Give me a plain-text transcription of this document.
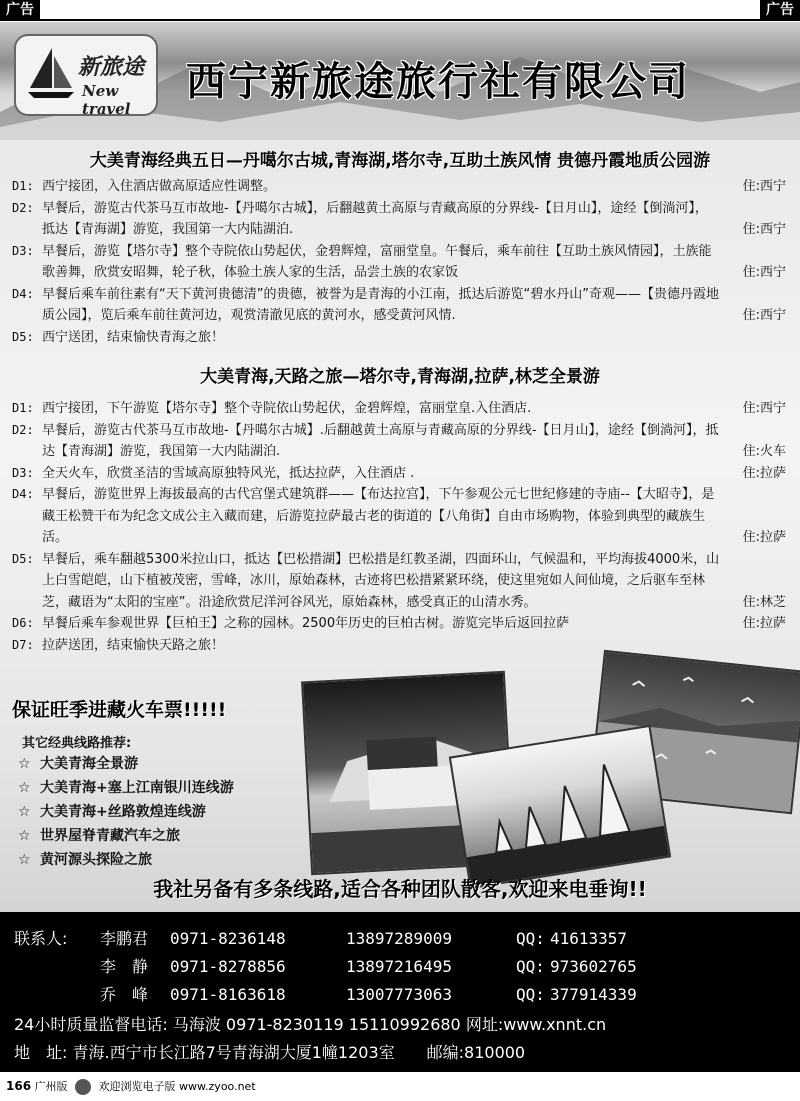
广告	广告
新旅途
New travel
西宁新旅途旅行社有限公司
大美青海经典五日—丹噶尔古城,青海湖,塔尔寺,互助土族风情 贵德丹霞地质公园游
D1: 西宁接团，入住酒店做高原适应性调整。	住:西宁
D2: 早餐后，游览古代茶马互市故地-【丹噶尔古城】，后翻越黄土高原与青藏高原的分界线-【日月山】，途经【倒淌河】，抵达【青海湖】游览，我国第一大内陆湖泊.	住:西宁
D3: 早餐后，游览【塔尔寺】整个寺院依山势起伏，金碧辉煌，富丽堂皇。午餐后，乘车前往【互助土族风情园】，土族能歌善舞，欣赏安昭舞，轮子秋，体验土族人家的生活，品尝土族的农家饭	住:西宁
D4: 早餐后乘车前往素有“天下黄河贵德清”的贵德，被誉为是青海的小江南，抵达后游览“碧水丹山”奇观——【贵德丹霞地质公园】，览后乘车前往黄河边，观赏清澈见底的黄河水，感受黄河风情.	住:西宁
D5: 西宁送团，结束愉快青海之旅！
大美青海,天路之旅—塔尔寺,青海湖,拉萨,林芝全景游
D1: 西宁接团，下午游览【塔尔寺】整个寺院依山势起伏，金碧辉煌，富丽堂皇.入住酒店.	住:西宁
D2: 早餐后，游览古代茶马互市故地-【丹噶尔古城】.后翻越黄土高原与青藏高原的分界线-【日月山】，途经【倒淌河】，抵达【青海湖】游览，我国第一大内陆湖泊.	住:火车
D3: 全天火车，欣赏圣洁的雪域高原独特风光，抵达拉萨，入住酒店 .	住:拉萨
D4: 早餐后，游览世界上海拔最高的古代宫堡式建筑群——【布达拉宫】，下午参观公元七世纪修建的寺庙--【大昭寺】，是藏王松赞干布为纪念文成公主入藏而建，后游览拉萨最古老的街道的【八角街】自由市场购物，体验到典型的藏族生活。	住:拉萨
D5: 早餐后，乘车翻越5300米拉山口，抵达【巴松措湖】巴松措是红教圣湖，四面环山，气候温和，平均海拔4000米，山上白雪皑皑，山下植被茂密，雪峰，冰川，原始森林，古迹将巴松措紧紧环绕，使这里宛如人间仙境，之后驱车至林芝，藏语为“太阳的宝座”。沿途欣赏尼洋河谷风光，原始森林，感受真正的山清水秀。	住:林芝
D6: 早餐后乘车参观世界【巨柏王】之称的园林。2500年历史的巨柏古树。游览完毕后返回拉萨	住:拉萨
D7: 拉萨送团，结束愉快天路之旅！
保证旺季进藏火车票!!!!!
其它经典线路推荐:
☆ 大美青海全景游
☆ 大美青海+塞上江南银川连线游
☆ 大美青海+丝路敦煌连线游
☆ 世界屋脊青藏汽车之旅
☆ 黄河源头探险之旅
我社另备有多条线路,适合各种团队散客,欢迎来电垂询!!
联系人: 李鹏君 0971-8236148	13897289009	QQ: 41613357
李　静 0971-8278856	13897216495	QQ: 973602765
乔　峰 0971-8163618	13007773063	QQ: 377914339
24小时质量监督电话: 马海波 0971-8230119 15110992680 网址:www.xnnt.cn
地　址: 青海.西宁市长江路7号青海湖大厦1幢1203室　　邮编:810000
166 广州版	欢迎浏览电子版 www.zyoo.net
